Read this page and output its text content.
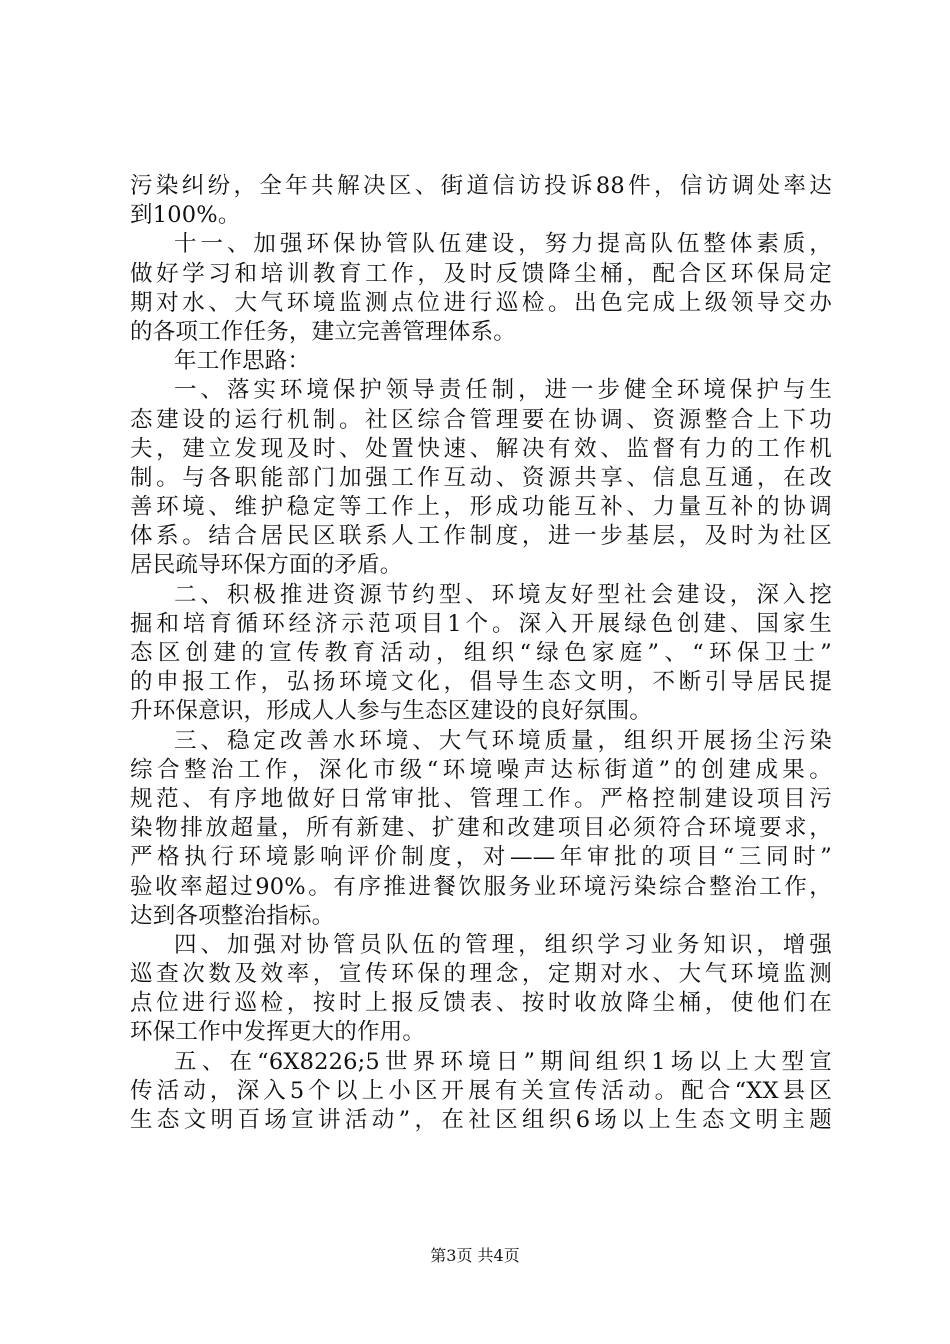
污染纠纷，全年共解决区、街道信访投诉88件，信访调处率达
到100%。
十一、加强环保协管队伍建设，努力提高队伍整体素质，
做好学习和培训教育工作，及时反馈降尘桶，配合区环保局定
期对水、大气环境监测点位进行巡检。出色完成上级领导交办
的各项工作任务，建立完善管理体系。
年工作思路：
一、落实环境保护领导责任制，进一步健全环境保护与生
态建设的运行机制。社区综合管理要在协调、资源整合上下功
夫，建立发现及时、处置快速、解决有效、监督有力的工作机
制。与各职能部门加强工作互动、资源共享、信息互通，在改
善环境、维护稳定等工作上，形成功能互补、力量互补的协调
体系。结合居民区联系人工作制度，进一步基层，及时为社区
居民疏导环保方面的矛盾。
二、积极推进资源节约型、环境友好型社会建设，深入挖
掘和培育循环经济示范项目1个。深入开展绿色创建、国家生
态区创建的宣传教育活动，组织“绿色家庭”、“环保卫士”
的申报工作，弘扬环境文化，倡导生态文明，不断引导居民提
升环保意识，形成人人参与生态区建设的良好氛围。
三、稳定改善水环境、大气环境质量，组织开展扬尘污染
综合整治工作，深化市级“环境噪声达标街道”的创建成果。
规范、有序地做好日常审批、管理工作。严格控制建设项目污
染物排放超量，所有新建、扩建和改建项目必须符合环境要求，
严格执行环境影响评价制度，对——年审批的项目“三同时”
验收率超过90%。有序推进餐饮服务业环境污染综合整治工作，
达到各项整治指标。
四、加强对协管员队伍的管理，组织学习业务知识，增强
巡查次数及效率，宣传环保的理念，定期对水、大气环境监测
点位进行巡检，按时上报反馈表、按时收放降尘桶，使他们在
环保工作中发挥更大的作用。
五、在“6X8226;5世界环境日”期间组织1场以上大型宣
传活动，深入5个以上小区开展有关宣传活动。配合“XX县区
生态文明百场宣讲活动”，在社区组织6场以上生态文明主题
第3页 共4页
